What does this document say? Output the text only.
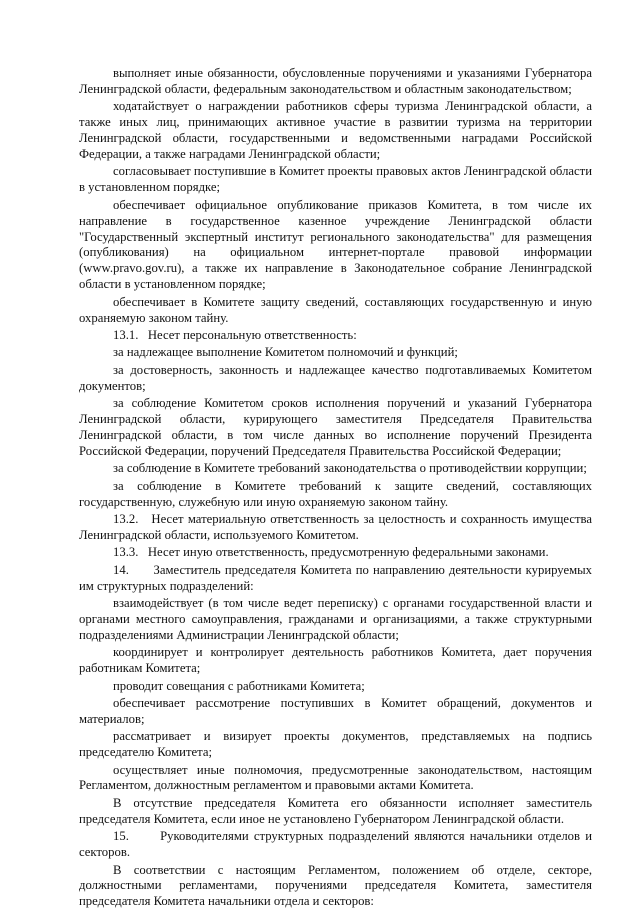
выполняет иные обязанности, обусловленные поручениями и указаниями Губернатора Ленинградской области, федеральным законодательством и областным законодательством;

ходатайствует о награждении работников сферы туризма Ленинградской области, а также иных лиц, принимающих активное участие в развитии туризма на территории Ленинградской области, государственными и ведомственными наградами Российской Федерации, а также наградами Ленинградской области;

согласовывает поступившие в Комитет проекты правовых актов Ленинградской области в установленном порядке;

обеспечивает официальное опубликование приказов Комитета, в том числе их направление в государственное казенное учреждение Ленинградской области "Государственный экспертный институт регионального законодательства" для размещения (опубликования) на официальном интернет-портале правовой информации (www.pravo.gov.ru), а также их направление в Законодательное собрание Ленинградской области в установленном порядке;

обеспечивает в Комитете защиту сведений, составляющих государственную и иную охраняемую законом тайну.

13.1.   Несет персональную ответственность:

за надлежащее выполнение Комитетом полномочий и функций;

за достоверность, законность и надлежащее качество подготавливаемых Комитетом документов;

за соблюдение Комитетом сроков исполнения поручений и указаний Губернатора Ленинградской области, курирующего заместителя Председателя Правительства Ленинградской области, в том числе данных во исполнение поручений Президента Российской Федерации, поручений Председателя Правительства Российской Федерации;

за соблюдение в Комитете требований законодательства о противодействии коррупции;

за соблюдение в Комитете требований к защите сведений, составляющих государственную, служебную или иную охраняемую законом тайну.

13.2.   Несет материальную ответственность за целостность и сохранность имущества Ленинградской области, используемого Комитетом.

13.3.   Несет иную ответственность, предусмотренную федеральными законами.

14.      Заместитель председателя Комитета по направлению деятельности курируемых им структурных подразделений:

взаимодействует (в том числе ведет переписку) с органами государственной власти и органами местного самоуправления, гражданами и организациями, а также структурными подразделениями Администрации Ленинградской области;

координирует и контролирует деятельность работников Комитета, дает поручения работникам Комитета;

проводит совещания с работниками Комитета;

обеспечивает рассмотрение поступивших в Комитет обращений, документов и материалов;

рассматривает и визирует проекты документов, представляемых на подпись председателю Комитета;

осуществляет иные полномочия, предусмотренные законодательством, настоящим Регламентом, должностным регламентом и правовыми актами Комитета.

В отсутствие председателя Комитета его обязанности исполняет заместитель председателя Комитета, если иное не установлено Губернатором Ленинградской области.

15.      Руководителями структурных подразделений являются начальники отделов и секторов.

В соответствии с настоящим Регламентом, положением об отделе, секторе, должностными регламентами, поручениями председателя Комитета, заместителя председателя Комитета начальники отдела и секторов:
